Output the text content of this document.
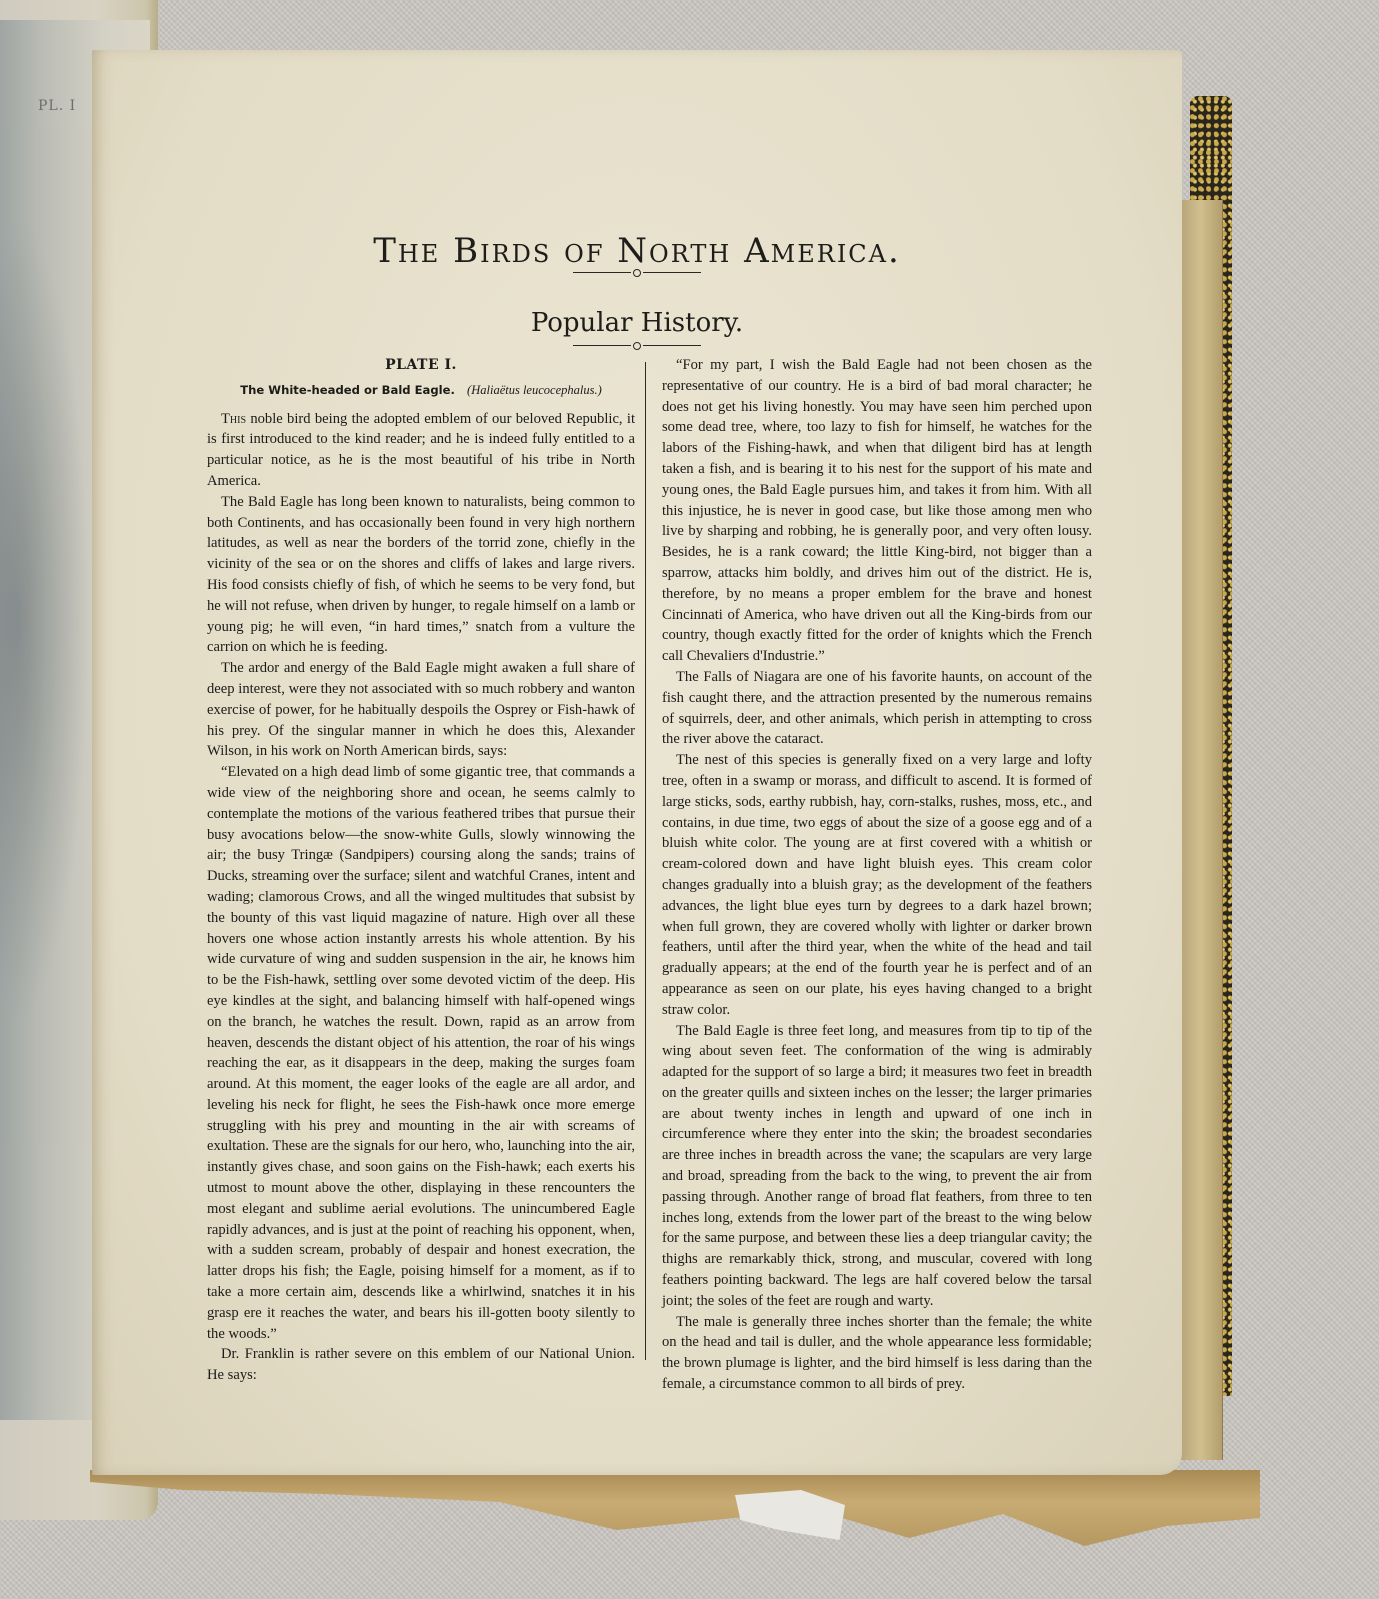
PL. I
The Birds of North America.
Popular History.
PLATE I.
The White-headed or Bald Eagle. (Haliaëtus leucocephalus.)

This noble bird being the adopted emblem of our beloved Republic, it is first introduced to the kind reader; and he is indeed fully entitled to a particular notice, as he is the most beautiful of his tribe in North America.

The Bald Eagle has long been known to naturalists, being common to both Continents, and has occasionally been found in very high northern latitudes, as well as near the borders of the torrid zone, chiefly in the vicinity of the sea or on the shores and cliffs of lakes and large rivers. His food consists chiefly of fish, of which he seems to be very fond, but he will not refuse, when driven by hunger, to regale himself on a lamb or young pig; he will even, “in hard times,” snatch from a vulture the carrion on which he is feeding.

The ardor and energy of the Bald Eagle might awaken a full share of deep interest, were they not associated with so much robbery and wanton exercise of power, for he habitually despoils the Osprey or Fish-hawk of his prey. Of the singular manner in which he does this, Alexander Wilson, in his work on North American birds, says:

“Elevated on a high dead limb of some gigantic tree, that commands a wide view of the neighboring shore and ocean, he seems calmly to contemplate the motions of the various feathered tribes that pursue their busy avocations below—the snow-white Gulls, slowly winnowing the air; the busy Tringæ (Sandpipers) coursing along the sands; trains of Ducks, streaming over the surface; silent and watchful Cranes, intent and wading; clamorous Crows, and all the winged multitudes that subsist by the bounty of this vast liquid magazine of nature. High over all these hovers one whose action instantly arrests his whole attention. By his wide curvature of wing and sudden suspension in the air, he knows him to be the Fish-hawk, settling over some devoted victim of the deep. His eye kindles at the sight, and balancing himself with half-opened wings on the branch, he watches the result. Down, rapid as an arrow from heaven, descends the distant object of his attention, the roar of his wings reaching the ear, as it disappears in the deep, making the surges foam around. At this moment, the eager looks of the eagle are all ardor, and leveling his neck for flight, he sees the Fish-hawk once more emerge struggling with his prey and mounting in the air with screams of exultation. These are the signals for our hero, who, launching into the air, instantly gives chase, and soon gains on the Fish-hawk; each exerts his utmost to mount above the other, displaying in these rencounters the most elegant and sublime aerial evolutions. The unincumbered Eagle rapidly advances, and is just at the point of reaching his opponent, when, with a sudden scream, probably of despair and honest execration, the latter drops his fish; the Eagle, poising himself for a moment, as if to take a more certain aim, descends like a whirlwind, snatches it in his grasp ere it reaches the water, and bears his ill-gotten booty silently to the woods.”

Dr. Franklin is rather severe on this emblem of our National Union. He says:

“For my part, I wish the Bald Eagle had not been chosen as the representative of our country. He is a bird of bad moral character; he does not get his living honestly. You may have seen him perched upon some dead tree, where, too lazy to fish for himself, he watches for the labors of the Fishing-hawk, and when that diligent bird has at length taken a fish, and is bearing it to his nest for the support of his mate and young ones, the Bald Eagle pursues him, and takes it from him. With all this injustice, he is never in good case, but like those among men who live by sharping and robbing, he is generally poor, and very often lousy. Besides, he is a rank coward; the little King-bird, not bigger than a sparrow, attacks him boldly, and drives him out of the district. He is, therefore, by no means a proper emblem for the brave and honest Cincinnati of America, who have driven out all the King-birds from our country, though exactly fitted for the order of knights which the French call Chevaliers d'Industrie.”

The Falls of Niagara are one of his favorite haunts, on account of the fish caught there, and the attraction presented by the numerous remains of squirrels, deer, and other animals, which perish in attempting to cross the river above the cataract.

The nest of this species is generally fixed on a very large and lofty tree, often in a swamp or morass, and difficult to ascend. It is formed of large sticks, sods, earthy rubbish, hay, corn-stalks, rushes, moss, etc., and contains, in due time, two eggs of about the size of a goose egg and of a bluish white color. The young are at first covered with a whitish or cream-colored down and have light bluish eyes. This cream color changes gradually into a bluish gray; as the development of the feathers advances, the light blue eyes turn by degrees to a dark hazel brown; when full grown, they are covered wholly with lighter or darker brown feathers, until after the third year, when the white of the head and tail gradually appears; at the end of the fourth year he is perfect and of an appearance as seen on our plate, his eyes having changed to a bright straw color.

The Bald Eagle is three feet long, and measures from tip to tip of the wing about seven feet. The conformation of the wing is admirably adapted for the support of so large a bird; it measures two feet in breadth on the greater quills and sixteen inches on the lesser; the larger primaries are about twenty inches in length and upward of one inch in circumference where they enter into the skin; the broadest secondaries are three inches in breadth across the vane; the scapulars are very large and broad, spreading from the back to the wing, to prevent the air from passing through. Another range of broad flat feathers, from three to ten inches long, extends from the lower part of the breast to the wing below for the same purpose, and between these lies a deep triangular cavity; the thighs are remarkably thick, strong, and muscular, covered with long feathers pointing backward. The legs are half covered below the tarsal joint; the soles of the feet are rough and warty.

The male is generally three inches shorter than the female; the white on the head and tail is duller, and the whole appearance less formidable; the brown plumage is lighter, and the bird himself is less daring than the female, a circumstance common to all birds of prey.
